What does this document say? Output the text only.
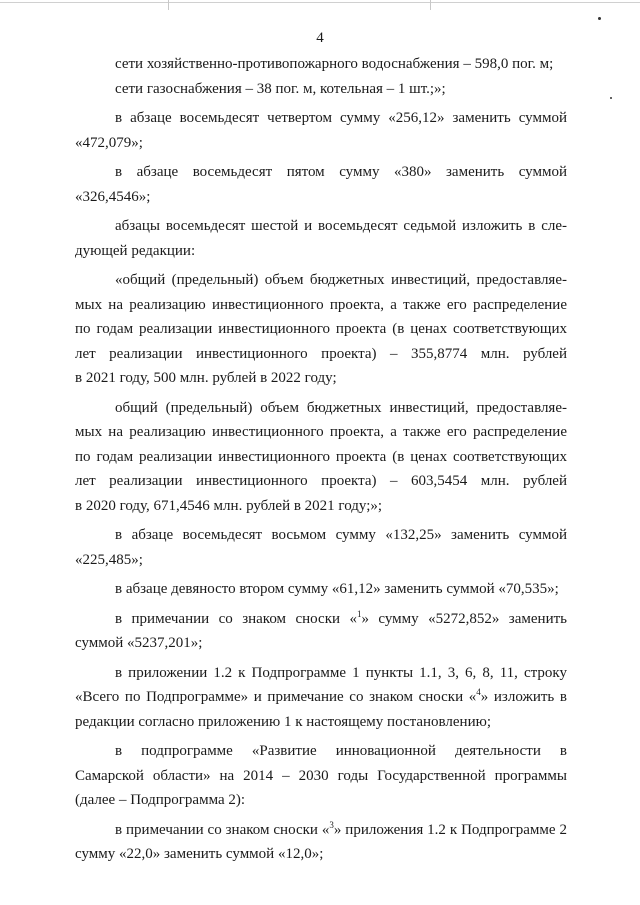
4
сети хозяйственно-противопожарного водоснабжения – 598,0 пог. м;
сети газоснабжения – 38 пог. м, котельная – 1 шт.;»;
в абзаце восемьдесят четвертом сумму «256,12» заменить суммой
«472,079»;
в абзаце восемьдесят пятом сумму «380» заменить суммой
«326,4546»;
абзацы восемьдесят шестой и восемьдесят седьмой изложить в сле-
дующей редакции:
«общий (предельный) объем бюджетных инвестиций, предоставляе-
мых на реализацию инвестиционного проекта, а также его распределение
по годам реализации инвестиционного проекта (в ценах соответствующих
лет реализации инвестиционного проекта) – 355,8774 млн. рублей
в 2021 году, 500 млн. рублей в 2022 году;
общий (предельный) объем бюджетных инвестиций, предоставляе-
мых на реализацию инвестиционного проекта, а также его распределение
по годам реализации инвестиционного проекта (в ценах соответствующих
лет реализации инвестиционного проекта) – 603,5454 млн. рублей
в 2020 году, 671,4546 млн. рублей в 2021 году;»;
в абзаце восемьдесят восьмом сумму «132,25» заменить суммой
«225,485»;
в абзаце девяносто втором сумму «61,12» заменить суммой «70,535»;
в примечании со знаком сноски «$^1$» сумму «5272,852» заменить
суммой «5237,201»;
в приложении 1.2 к Подпрограмме 1 пункты 1.1, 3, 6, 8, 11, строку
«Всего по Подпрограмме» и примечание со знаком сноски «$^4$» изложить в
редакции согласно приложению 1 к настоящему постановлению;
в подпрограмме «Развитие инновационной деятельности в
Самарской области» на 2014 – 2030 годы Государственной программы
(далее – Подпрограмма 2):
в примечании со знаком сноски «$^3$» приложения 1.2 к Подпрограмме 2
сумму «22,0» заменить суммой «12,0»;
